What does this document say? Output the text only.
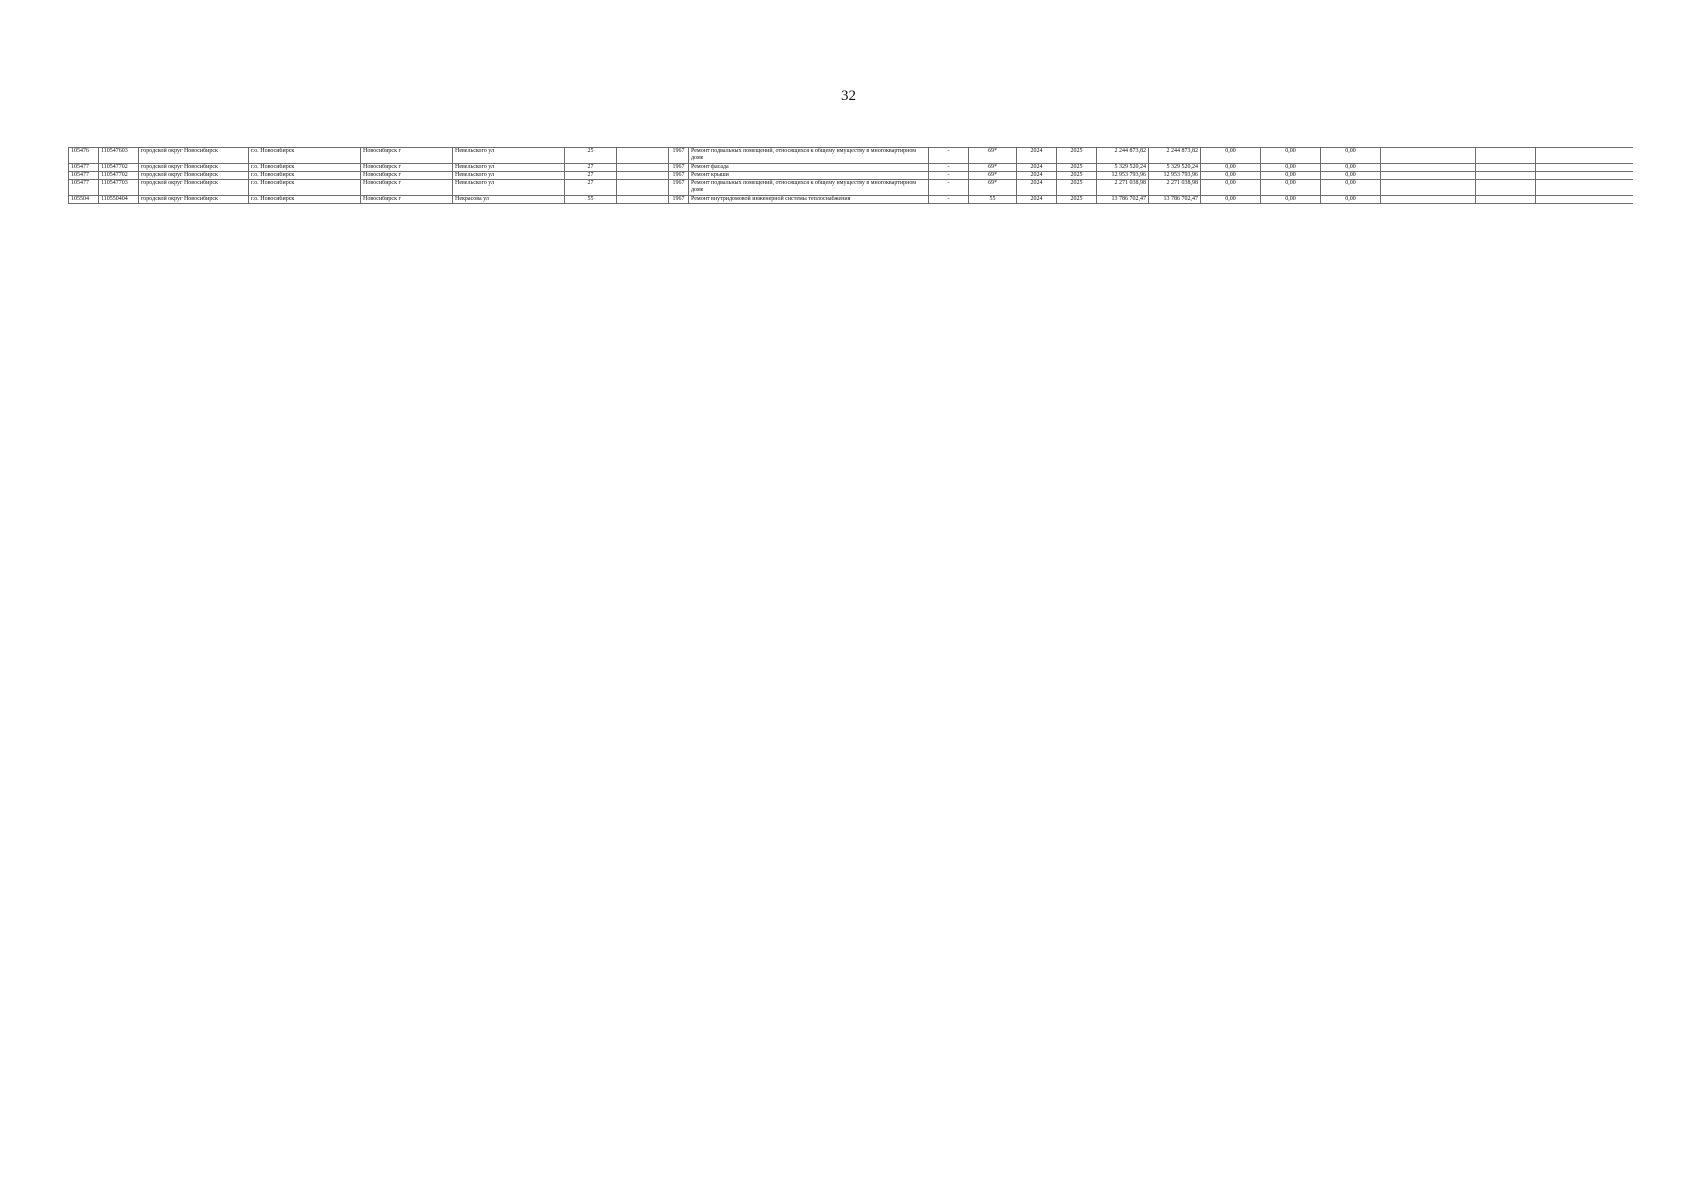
32
105476	110547603	городской округ Новосибирск	г.о. Новосибирск	Новосибирск г	Невельского ул	25		1967	Ремонт подвальных помещений, относящихся к общему имуществу в многоквартирном доме	-	69*	2024	2025	2 244 873,82	2 244 873,82	0,00	0,00	0,00			
105477	110547702	городской округ Новосибирск	г.о. Новосибирск	Новосибирск г	Невельского ул	27		1967	Ремонт фасада	-	69*	2024	2025	5 329 520,24	5 329 520,24	0,00	0,00	0,00			
105477	110547702	городской округ Новосибирск	г.о. Новосибирск	Новосибирск г	Невельского ул	27		1967	Ремонт крыши	-	69*	2024	2025	12 953 793,96	12 953 793,96	0,00	0,00	0,00			
105477	110547703	городской округ Новосибирск	г.о. Новосибирск	Новосибирск г	Невельского ул	27		1967	Ремонт подвальных помещений, относящихся к общему имуществу в многоквартирном доме	-	69*	2024	2025	2 271 038,98	2 271 038,98	0,00	0,00	0,00			
105504	110550404	городской округ Новосибирск	г.о. Новосибирск	Новосибирск г	Некрасова ул	55		1967	Ремонт внутридомовой инженерной системы теплоснабжения	-	55	2024	2025	13 786 702,47	13 786 702,47	0,00	0,00	0,00			
